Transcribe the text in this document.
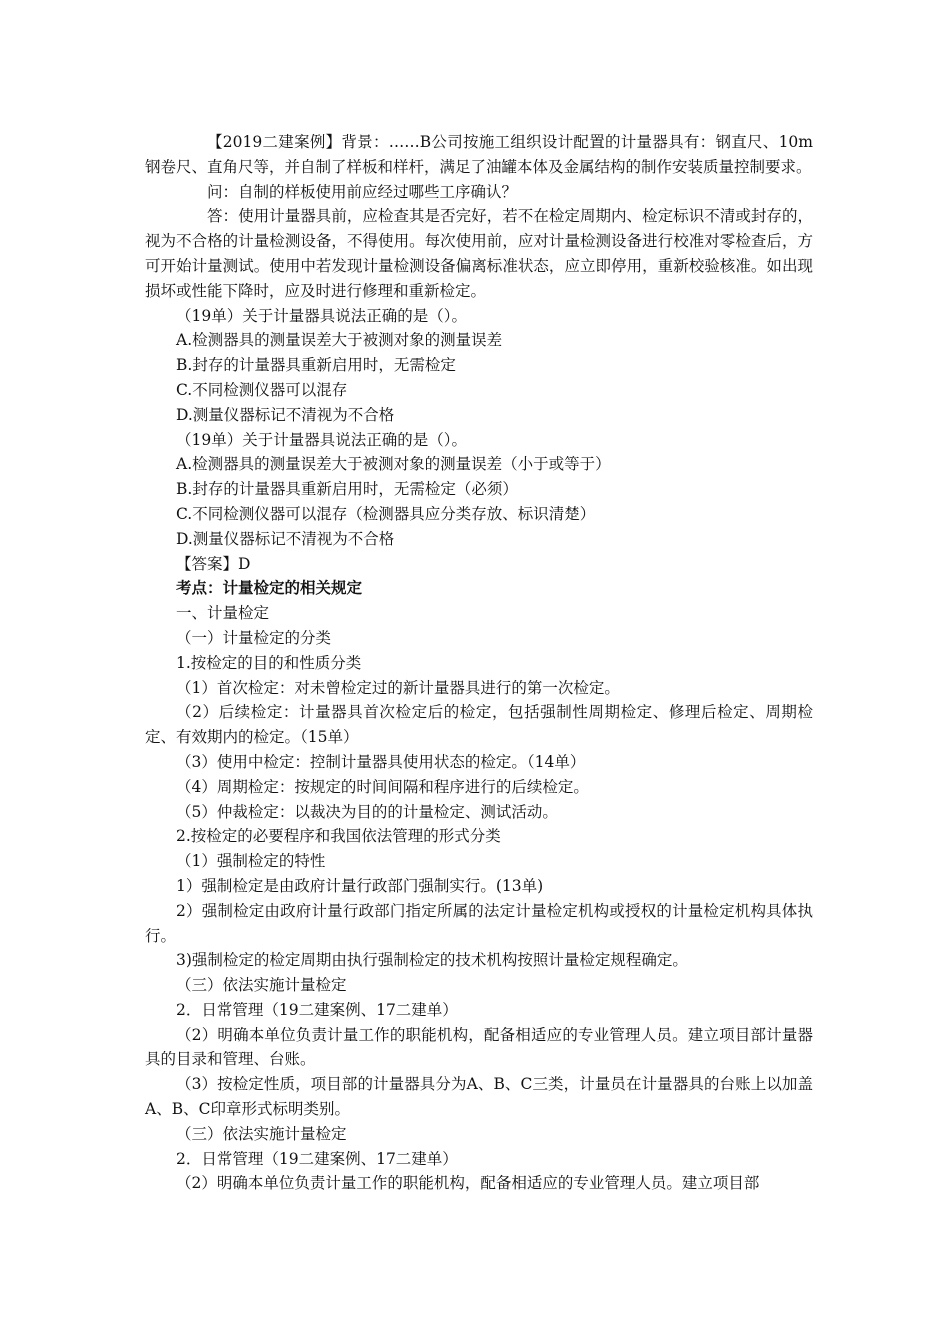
【2019二建案例】背景：……B公司按施工组织设计配置的计量器具有：钢直尺、10m钢卷尺、直角尺等，并自制了样板和样杆，满足了油罐本体及金属结构的制作安装质量控制要求。

问：自制的样板使用前应经过哪些工序确认？

答：使用计量器具前，应检查其是否完好，若不在检定周期内、检定标识不清或封存的，视为不合格的计量检测设备，不得使用。每次使用前，应对计量检测设备进行校准对零检查后，方可开始计量测试。使用中若发现计量检测设备偏离标准状态，应立即停用，重新校验核准。如出现损坏或性能下降时，应及时进行修理和重新检定。

（19单）关于计量器具说法正确的是（）。

A.检测器具的测量误差大于被测对象的测量误差

B.封存的计量器具重新启用时，无需检定

C.不同检测仪器可以混存

D.测量仪器标记不清视为不合格

（19单）关于计量器具说法正确的是（）。

A.检测器具的测量误差大于被测对象的测量误差（小于或等于）

B.封存的计量器具重新启用时，无需检定（必须）

C.不同检测仪器可以混存（检测器具应分类存放、标识清楚）

D.测量仪器标记不清视为不合格

【答案】D

考点：计量检定的相关规定

一、计量检定

（一）计量检定的分类

1.按检定的目的和性质分类

（1）首次检定：对未曾检定过的新计量器具进行的第一次检定。

（2）后续检定：计量器具首次检定后的检定，包括强制性周期检定、修理后检定、周期检定、有效期内的检定。（15单）

（3）使用中检定：控制计量器具使用状态的检定。（14单）

（4）周期检定：按规定的时间间隔和程序进行的后续检定。

（5）仲裁检定：以裁决为目的的计量检定、测试活动。

2.按检定的必要程序和我国依法管理的形式分类

（1）强制检定的特性

1）强制检定是由政府计量行政部门强制实行。(13单)

2）强制检定由政府计量行政部门指定所属的法定计量检定机构或授权的计量检定机构具体执行。

3)强制检定的检定周期由执行强制检定的技术机构按照计量检定规程确定。

（三）依法实施计量检定

2．日常管理（19二建案例、17二建单）

（2）明确本单位负责计量工作的职能机构，配备相适应的专业管理人员。建立项目部计量器具的目录和管理、台账。

（3）按检定性质，项目部的计量器具分为A、B、C三类，计量员在计量器具的台账上以加盖A、B、C印章形式标明类别。

（三）依法实施计量检定

2．日常管理（19二建案例、17二建单）

（2）明确本单位负责计量工作的职能机构，配备相适应的专业管理人员。建立项目部
